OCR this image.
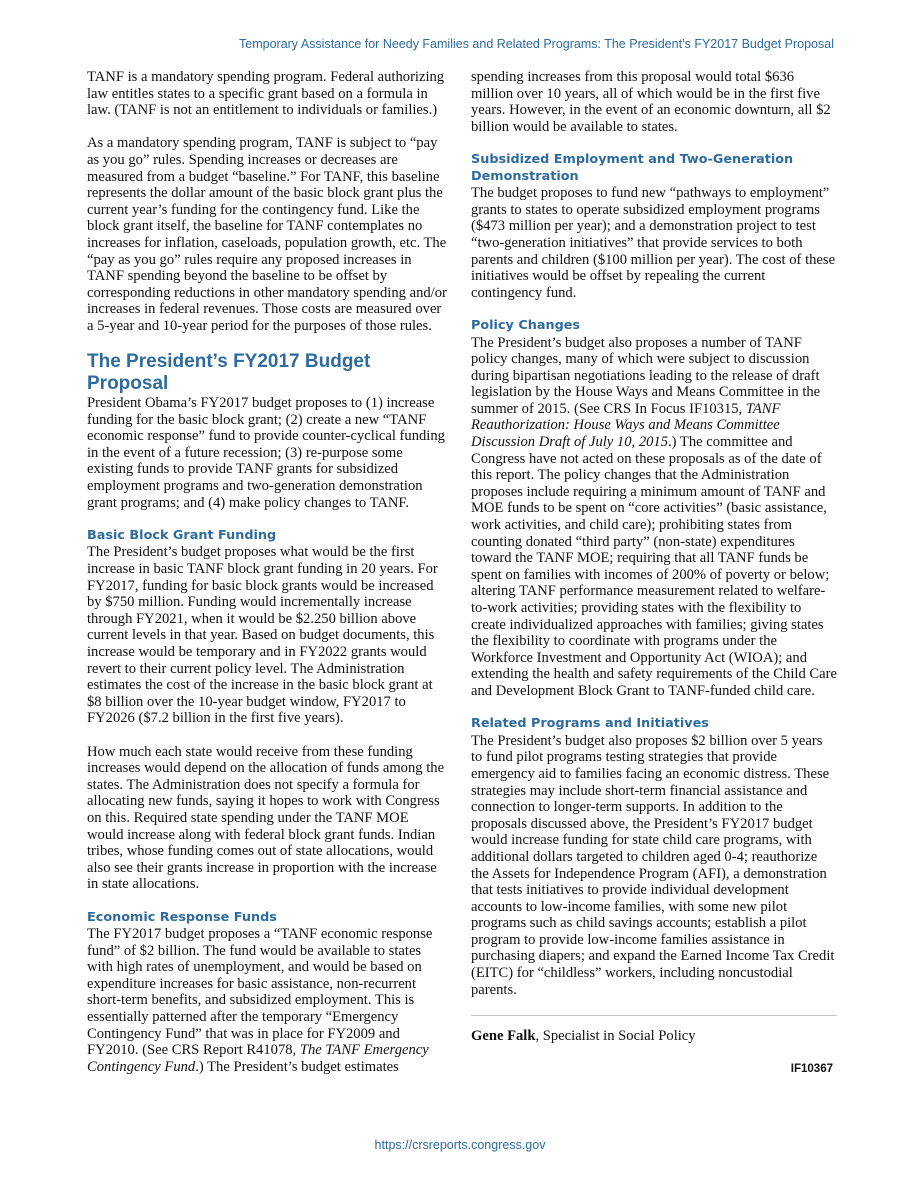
Temporary Assistance for Needy Families and Related Programs: The President’s FY2017 Budget Proposal

TANF is a mandatory spending program. Federal authorizing law entitles states to a specific grant based on a formula in law. (TANF is not an entitlement to individuals or families.)

As a mandatory spending program, TANF is subject to “pay as you go” rules. Spending increases or decreases are measured from a budget “baseline.” For TANF, this baseline represents the dollar amount of the basic block grant plus the current year’s funding for the contingency fund. Like the block grant itself, the baseline for TANF contemplates no increases for inflation, caseloads, population growth, etc. The “pay as you go” rules require any proposed increases in TANF spending beyond the baseline to be offset by corresponding reductions in other mandatory spending and/or increases in federal revenues. Those costs are measured over a 5-year and 10-year period for the purposes of those rules.

The President’s FY2017 Budget Proposal

President Obama’s FY2017 budget proposes to (1) increase funding for the basic block grant; (2) create a new “TANF economic response” fund to provide counter-cyclical funding in the event of a future recession; (3) re-purpose some existing funds to provide TANF grants for subsidized employment programs and two-generation demonstration grant programs; and (4) make policy changes to TANF.

Basic Block Grant Funding

The President’s budget proposes what would be the first increase in basic TANF block grant funding in 20 years. For FY2017, funding for basic block grants would be increased by $750 million. Funding would incrementally increase through FY2021, when it would be $2.250 billion above current levels in that year. Based on budget documents, this increase would be temporary and in FY2022 grants would revert to their current policy level. The Administration estimates the cost of the increase in the basic block grant at $8 billion over the 10-year budget window, FY2017 to FY2026 ($7.2 billion in the first five years).

How much each state would receive from these funding increases would depend on the allocation of funds among the states. The Administration does not specify a formula for allocating new funds, saying it hopes to work with Congress on this. Required state spending under the TANF MOE would increase along with federal block grant funds. Indian tribes, whose funding comes out of state allocations, would also see their grants increase in proportion with the increase in state allocations.

Economic Response Funds

The FY2017 budget proposes a “TANF economic response fund” of $2 billion. The fund would be available to states with high rates of unemployment, and would be based on expenditure increases for basic assistance, non-recurrent short-term benefits, and subsidized employment. This is essentially patterned after the temporary “Emergency Contingency Fund” that was in place for FY2009 and FY2010. (See CRS Report R41078, The TANF Emergency Contingency Fund.) The President’s budget estimates

spending increases from this proposal would total $636 million over 10 years, all of which would be in the first five years. However, in the event of an economic downturn, all $2 billion would be available to states.

Subsidized Employment and Two-Generation Demonstration

The budget proposes to fund new “pathways to employment” grants to states to operate subsidized employment programs ($473 million per year); and a demonstration project to test “two-generation initiatives” that provide services to both parents and children ($100 million per year). The cost of these initiatives would be offset by repealing the current contingency fund.

Policy Changes

The President’s budget also proposes a number of TANF policy changes, many of which were subject to discussion during bipartisan negotiations leading to the release of draft legislation by the House Ways and Means Committee in the summer of 2015. (See CRS In Focus IF10315, TANF Reauthorization: House Ways and Means Committee Discussion Draft of July 10, 2015.) The committee and Congress have not acted on these proposals as of the date of this report. The policy changes that the Administration proposes include requiring a minimum amount of TANF and MOE funds to be spent on “core activities” (basic assistance, work activities, and child care); prohibiting states from counting donated “third party” (non-state) expenditures toward the TANF MOE; requiring that all TANF funds be spent on families with incomes of 200% of poverty or below; altering TANF performance measurement related to welfare-to-work activities; providing states with the flexibility to create individualized approaches with families; giving states the flexibility to coordinate with programs under the Workforce Investment and Opportunity Act (WIOA); and extending the health and safety requirements of the Child Care and Development Block Grant to TANF-funded child care.

Related Programs and Initiatives

The President’s budget also proposes $2 billion over 5 years to fund pilot programs testing strategies that provide emergency aid to families facing an economic distress. These strategies may include short-term financial assistance and connection to longer-term supports. In addition to the proposals discussed above, the President’s FY2017 budget would increase funding for state child care programs, with additional dollars targeted to children aged 0-4; reauthorize the Assets for Independence Program (AFI), a demonstration that tests initiatives to provide individual development accounts to low-income families, with some new pilot programs such as child savings accounts; establish a pilot program to provide low-income families assistance in purchasing diapers; and expand the Earned Income Tax Credit (EITC) for “childless” workers, including noncustodial parents.

Gene Falk, Specialist in Social Policy

IF10367
https://crsreports.congress.gov
